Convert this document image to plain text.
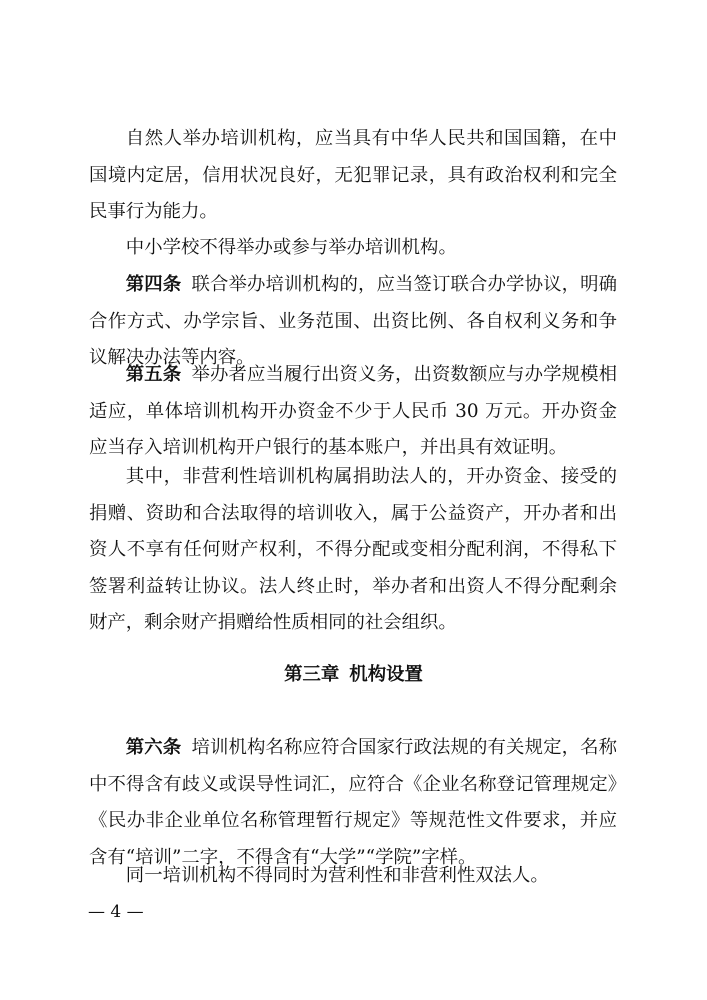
自然人举办培训机构，应当具有中华人民共和国国籍，在中国境内定居，信用状况良好，无犯罪记录，具有政治权利和完全民事行为能力。

中小学校不得举办或参与举办培训机构。

第四条 联合举办培训机构的，应当签订联合办学协议，明确合作方式、办学宗旨、业务范围、出资比例、各自权利义务和争议解决办法等内容。

第五条 举办者应当履行出资义务，出资数额应与办学规模相适应，单体培训机构开办资金不少于人民币 30 万元。开办资金应当存入培训机构开户银行的基本账户，并出具有效证明。

其中，非营利性培训机构属捐助法人的，开办资金、接受的捐赠、资助和合法取得的培训收入，属于公益资产，开办者和出资人不享有任何财产权利，不得分配或变相分配利润，不得私下签署利益转让协议。法人终止时，举办者和出资人不得分配剩余财产，剩余财产捐赠给性质相同的社会组织。

第三章 机构设置

第六条 培训机构名称应符合国家行政法规的有关规定，名称中不得含有歧义或误导性词汇，应符合《企业名称登记管理规定》《民办非企业单位名称管理暂行规定》等规范性文件要求，并应含有“培训”二字，不得含有“大学”“学院”字样。

同一培训机构不得同时为营利性和非营利性双法人。

— 4 —
